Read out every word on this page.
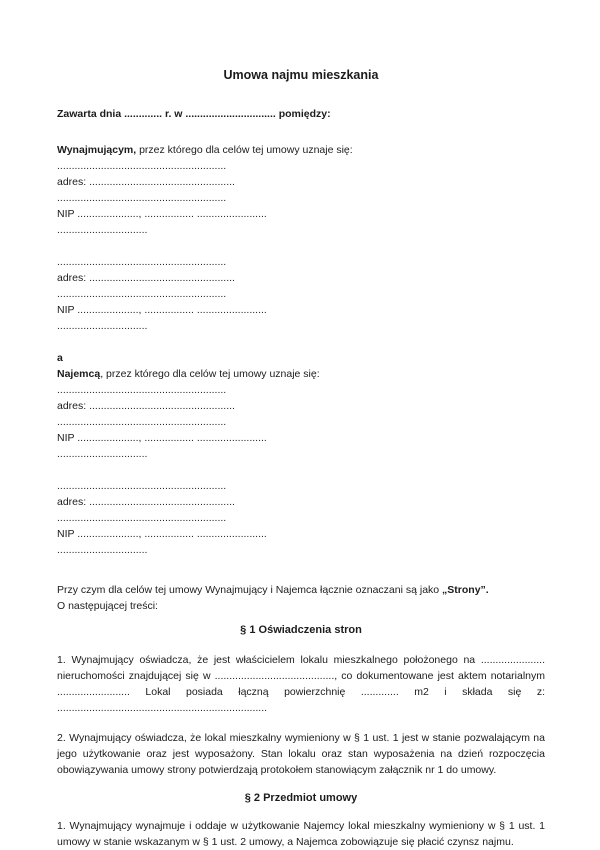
Umowa najmu mieszkania

Zawarta dnia ............. r. w ............................... pomiędzy:

Wynajmującym, przez którego dla celów tej umowy uznaje się:

..........................................................
adres: ..................................................
..........................................................
NIP ....................., ................. ........................
...............................
..........................................................
adres: ..................................................
..........................................................
NIP ....................., ................. ........................
...............................

a

Najemcą, przez którego dla celów tej umowy uznaje się:

..........................................................
adres: ..................................................
..........................................................
NIP ....................., ................. ........................
...............................
..........................................................
adres: ..................................................
..........................................................
NIP ....................., ................. ........................
...............................

Przy czym dla celów tej umowy Wynajmujący i Najemca łącznie oznaczani są jako „Strony”.

O następującej treści:

§ 1 Oświadczenia stron

1. Wynajmujący oświadcza, że jest właścicielem lokalu mieszkalnego położonego na ...................... nieruchomości znajdującej się w ........................................., co dokumentowane jest aktem notarialnym ......................... Lokal posiada łączną powierzchnię ............. m2 i składa się z: ........................................................................

2. Wynajmujący oświadcza, że lokal mieszkalny wymieniony w § 1 ust. 1 jest w stanie pozwalającym na jego użytkowanie oraz jest wyposażony. Stan lokalu oraz stan wyposażenia na dzień rozpoczęcia obowiązywania umowy strony potwierdzają protokołem stanowiącym załącznik nr 1 do umowy.

§ 2 Przedmiot umowy

1. Wynajmujący wynajmuje i oddaje w użytkowanie Najemcy lokal mieszkalny wymieniony w § 1 ust. 1 umowy w stanie wskazanym w § 1 ust. 2 umowy, a Najemca zobowiązuje się płacić czynsz najmu.
